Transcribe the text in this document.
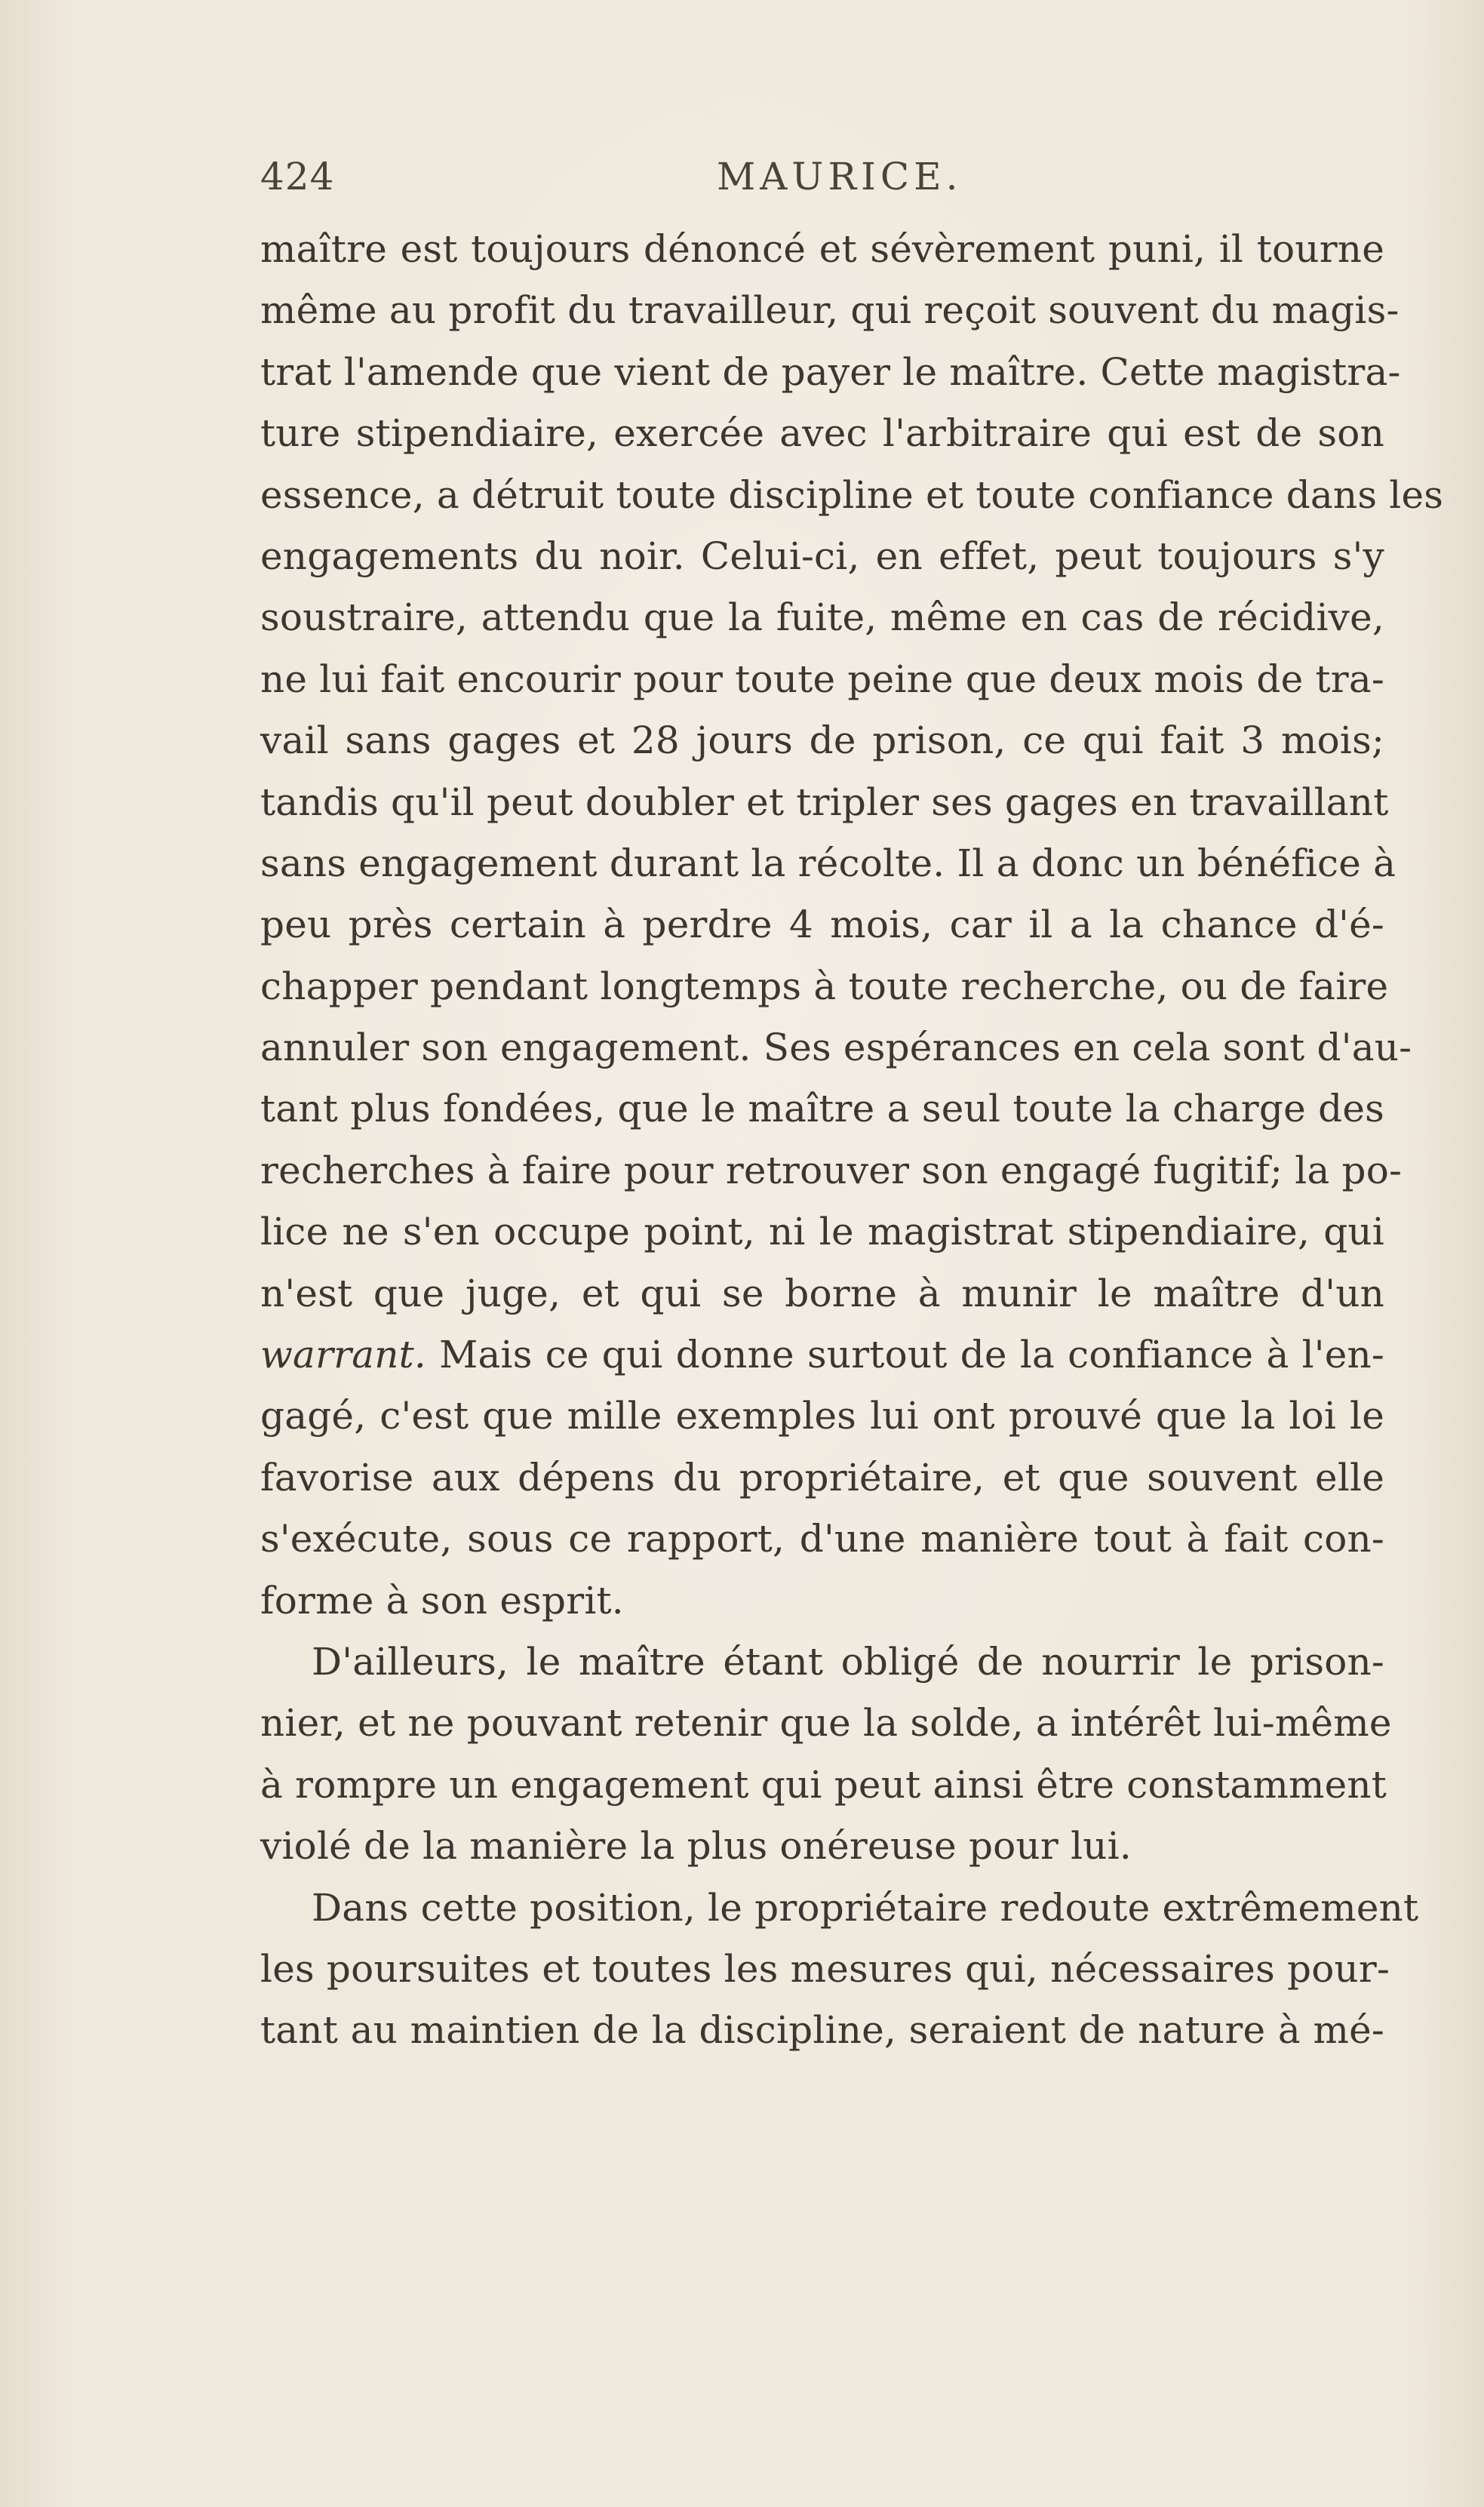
424	MAURICE.
maître est toujours dénoncé et sévèrement puni, il tourne
même au profit du travailleur, qui reçoit souvent du magis-
trat l'amende que vient de payer le maître. Cette magistra-
ture stipendiaire, exercée avec l'arbitraire qui est de son
essence, a détruit toute discipline et toute confiance dans les
engagements du noir. Celui-ci, en effet, peut toujours s'y
soustraire, attendu que la fuite, même en cas de récidive,
ne lui fait encourir pour toute peine que deux mois de tra-
vail sans gages et 28 jours de prison, ce qui fait 3 mois;
tandis qu'il peut doubler et tripler ses gages en travaillant
sans engagement durant la récolte. Il a donc un bénéfice à
peu près certain à perdre 4 mois, car il a la chance d'é-
chapper pendant longtemps à toute recherche, ou de faire
annuler son engagement. Ses espérances en cela sont d'au-
tant plus fondées, que le maître a seul toute la charge des
recherches à faire pour retrouver son engagé fugitif; la po-
lice ne s'en occupe point, ni le magistrat stipendiaire, qui
n'est que juge, et qui se borne à munir le maître d'un
warrant. Mais ce qui donne surtout de la confiance à l'en-
gagé, c'est que mille exemples lui ont prouvé que la loi le
favorise aux dépens du propriétaire, et que souvent elle
s'exécute, sous ce rapport, d'une manière tout à fait con-
forme à son esprit.
D'ailleurs, le maître étant obligé de nourrir le prison-
nier, et ne pouvant retenir que la solde, a intérêt lui-même
à rompre un engagement qui peut ainsi être constamment
violé de la manière la plus onéreuse pour lui.
Dans cette position, le propriétaire redoute extrêmement
les poursuites et toutes les mesures qui, nécessaires pour-
tant au maintien de la discipline, seraient de nature à mé-
